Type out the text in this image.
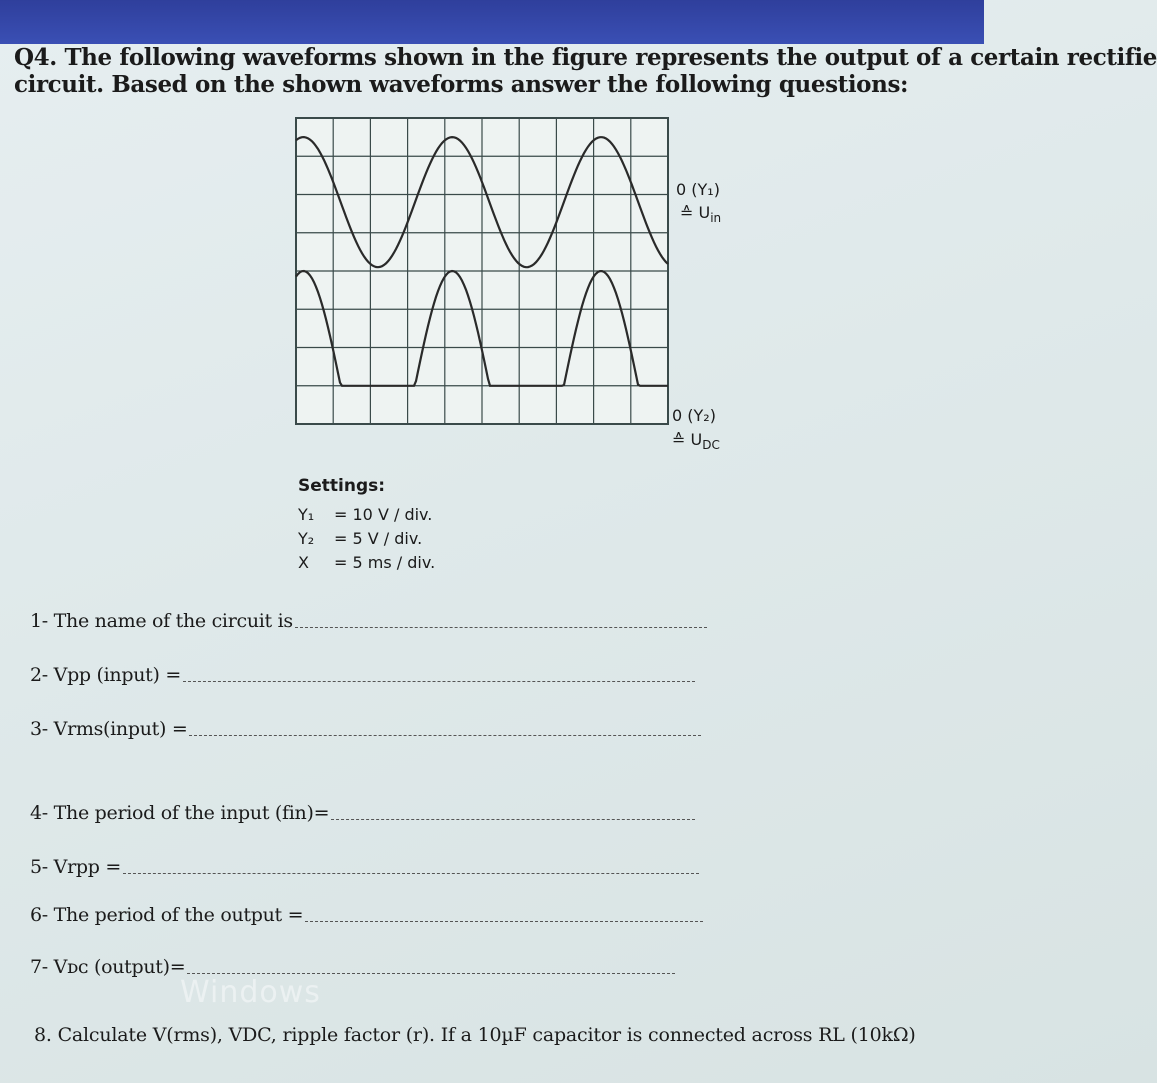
Q4. The following waveforms shown in the figure represents the output of a certain rectifie
circuit. Based on the shown waveforms answer the following questions:
0 (Y₁)
≙ $U_{in}$
0 (Y₂)
≙ $U_{DC}$
Settings:
Y₁	= 10 V / div.
Y₂	= 5 V / div.
X	= 5 ms / div.
1- The name of the circuit is
2- Vpp (input) =
3- Vrms(input) =
4- The period of the input (fin)=
5- Vrpp =
6- The period of the output =
7- Vᴅᴄ (output)=
Windows
8. Calculate V(rms), VDC, ripple factor (r). If a 10µF capacitor is connected across RL (10kΩ)
